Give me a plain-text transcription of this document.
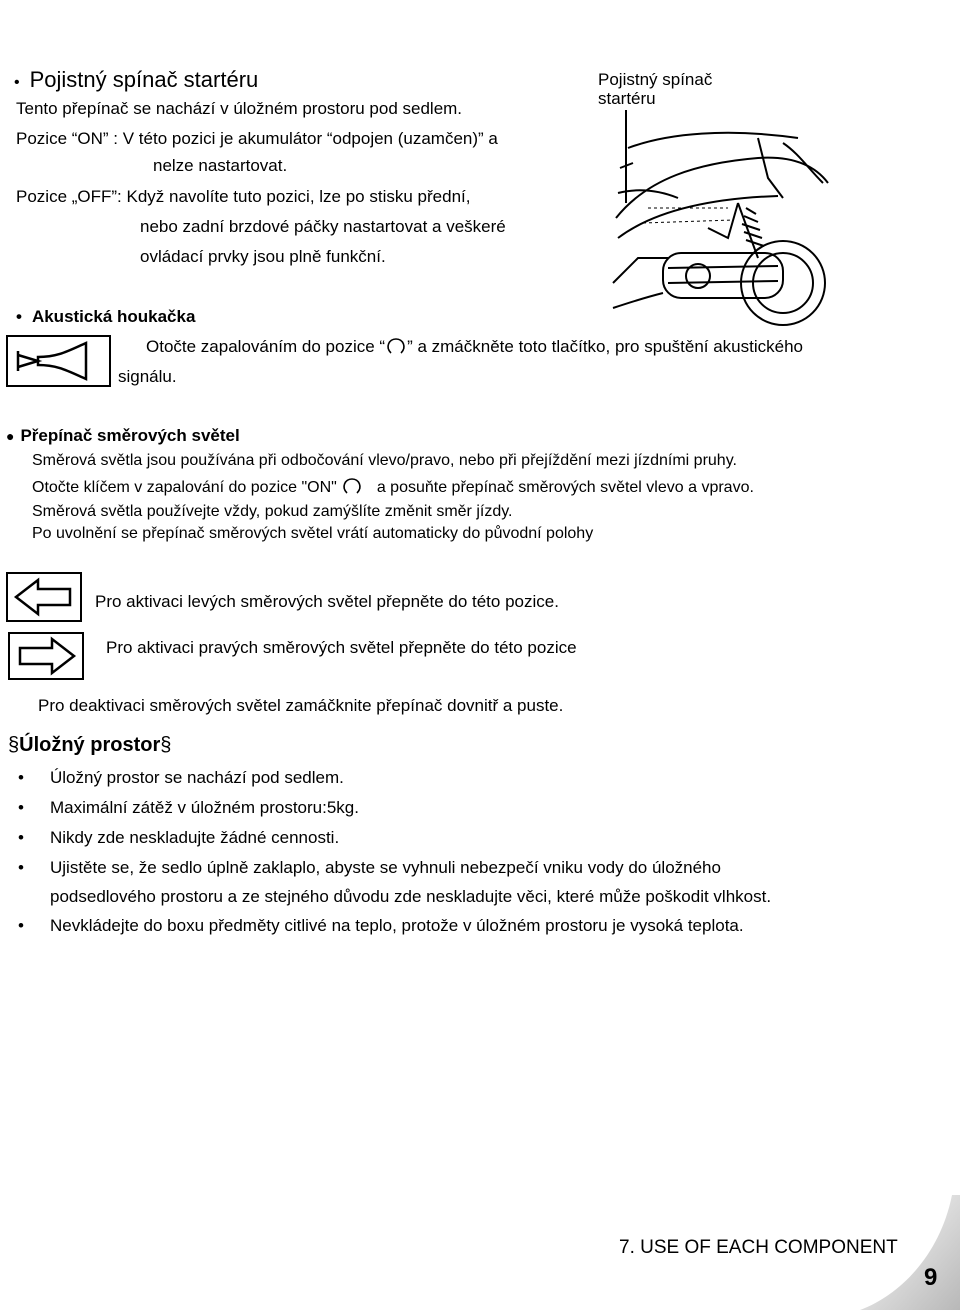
• Pojistný spínač startéru
Tento přepínač se nachází v úložném prostoru pod sedlem.
Pozice “ON” : V této pozici je akumulátor “odpojen (uzamčen)” a
nelze nastartovat.
Pozice „OFF”: Když navolíte tuto pozici, lze po stisku přední,
nebo zadní brzdové páčky nastartovat a veškeré
ovládací prvky jsou plně funkční.
Pojistný spínač
startéru
• Akustická houkačka
Otočte zapalováním do pozice “ ” a zmáčkněte toto tlačítko, pro spuštění akustického
signálu.
● Přepínač směrových světel
Směrová světla jsou používána při odbočování vlevo/pravo, nebo při přejíždění mezi jízdními pruhy.
Otočte klíčem v zapalování do pozice "ON"	a posuňte přepínač směrových světel vlevo a vpravo.
Směrová světla používejte vždy, pokud zamýšlíte změnit směr jízdy.
Po uvolnění se přepínač směrových světel vrátí automaticky do původní polohy
Pro aktivaci levých směrových světel přepněte do této pozice.
Pro aktivaci pravých směrových světel přepněte do této pozice
Pro deaktivaci směrových světel zamáčknite přepínač dovnitř a puste.
§Úložný prostor§
• Úložný prostor se nachází pod sedlem.
• Maximální zátěž v úložném prostoru:5kg.
• Nikdy zde neskladujte žádné cennosti.
• Ujistěte se, že sedlo úplně zaklaplo, abyste se vyhnuli nebezpečí vniku vody do úložného
podsedlového prostoru a ze stejného důvodu zde neskladujte věci, které může poškodit vlhkost.
• Nevkládejte do boxu předměty citlivé na teplo, protože v úložném prostoru je vysoká teplota.
7. USE OF EACH COMPONENT
9
